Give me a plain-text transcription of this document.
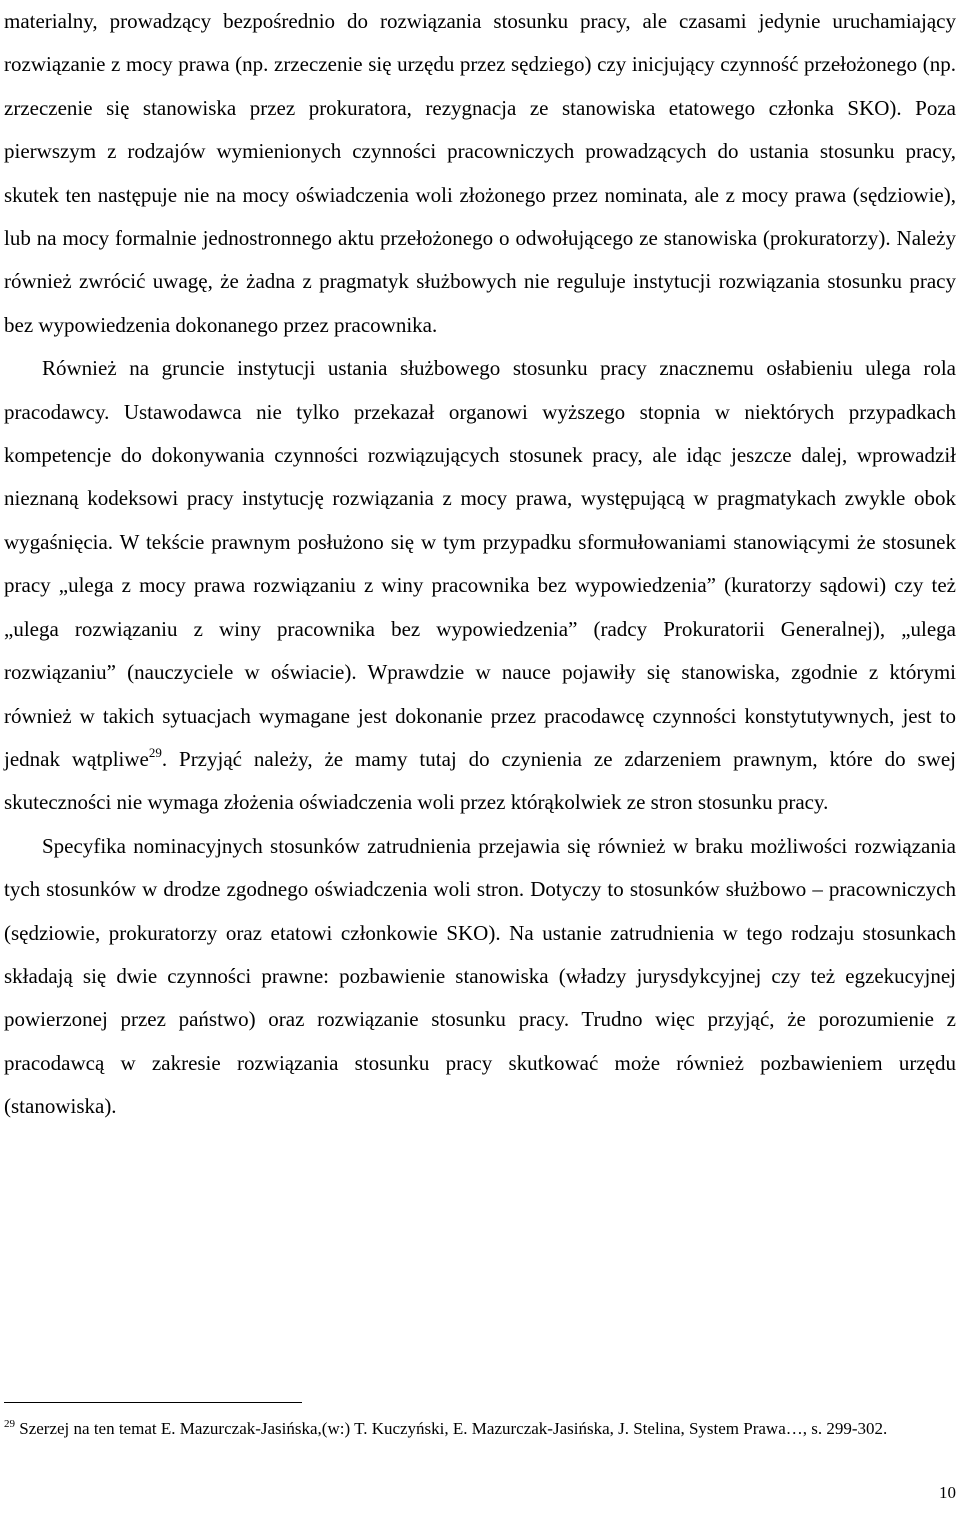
materialny, prowadzący bezpośrednio do rozwiązania stosunku pracy, ale czasami jedynie uruchamiający rozwiązanie z mocy prawa (np. zrzeczenie się urzędu przez sędziego) czy inicjujący czynność przełożonego (np. zrzeczenie się stanowiska przez prokuratora, rezygnacja ze stanowiska etatowego członka SKO). Poza pierwszym z rodzajów wymienionych czynności pracowniczych prowadzących do ustania stosunku pracy, skutek ten następuje nie na mocy oświadczenia woli złożonego przez nominata, ale z mocy prawa (sędziowie), lub na mocy formalnie jednostronnego aktu przełożonego o odwołującego ze stanowiska (prokuratorzy). Należy również zwrócić uwagę, że żadna z pragmatyk służbowych nie reguluje instytucji rozwiązania stosunku pracy bez wypowiedzenia dokonanego przez pracownika.

Również na gruncie instytucji ustania służbowego stosunku pracy znacznemu osłabieniu ulega rola pracodawcy. Ustawodawca nie tylko przekazał organowi wyższego stopnia w niektórych przypadkach kompetencje do dokonywania czynności rozwiązujących stosunek pracy, ale idąc jeszcze dalej, wprowadził nieznaną kodeksowi pracy instytucję rozwiązania z mocy prawa, występującą w pragmatykach zwykle obok wygaśnięcia. W tekście prawnym posłużono się w tym przypadku sformułowaniami stanowiącymi że stosunek pracy „ulega z mocy prawa rozwiązaniu z winy pracownika bez wypowiedzenia” (kuratorzy sądowi) czy też „ulega rozwiązaniu z winy pracownika bez wypowiedzenia” (radcy Prokuratorii Generalnej), „ulega rozwiązaniu” (nauczyciele w oświacie). Wprawdzie w nauce pojawiły się stanowiska, zgodnie z którymi również w takich sytuacjach wymagane jest dokonanie przez pracodawcę czynności konstytutywnych, jest to jednak wątpliwe$^{29}$. Przyjąć należy, że mamy tutaj do czynienia ze zdarzeniem prawnym, które do swej skuteczności nie wymaga złożenia oświadczenia woli przez którąkolwiek ze stron stosunku pracy.

Specyfika nominacyjnych stosunków zatrudnienia przejawia się również w braku możliwości rozwiązania tych stosunków w drodze zgodnego oświadczenia woli stron. Dotyczy to stosunków służbowo – pracowniczych (sędziowie, prokuratorzy oraz etatowi członkowie SKO). Na ustanie zatrudnienia w tego rodzaju stosunkach składają się dwie czynności prawne: pozbawienie stanowiska (władzy jurysdykcyjnej czy też egzekucyjnej powierzonej przez państwo) oraz rozwiązanie stosunku pracy. Trudno więc przyjąć, że porozumienie z pracodawcą w zakresie rozwiązania stosunku pracy skutkować może również pozbawieniem urzędu (stanowiska).

$^{29}$ Szerzej na ten temat E. Mazurczak-Jasińska,(w:) T. Kuczyński, E. Mazurczak-Jasińska, J. Stelina, System Prawa…, s. 299-302.
10
